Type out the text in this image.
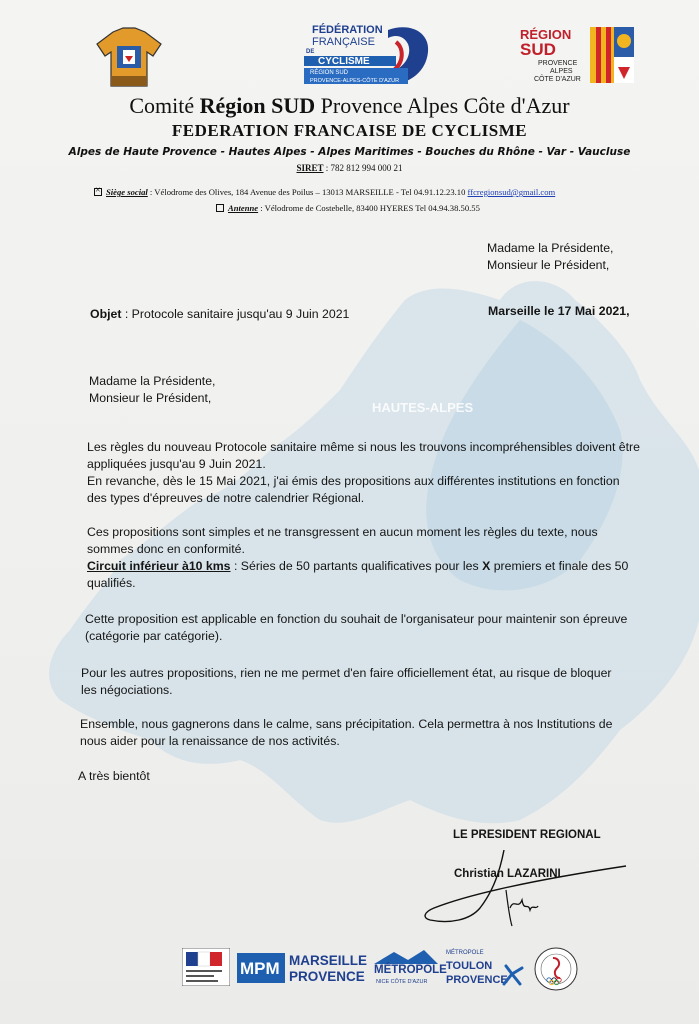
HAUTES-ALPES
FÉDÉRATION
FRANÇAISE
DE
CYCLISME
RÉGION SUD
PROVENCE-ALPES-CÔTE D'AZUR
RÉGION
SUD
PROVENCE
ALPES
CÔTE D'AZUR
Comité Région SUD Provence Alpes Côte d'Azur
FEDERATION FRANCAISE DE CYCLISME
Alpes de Haute Provence - Hautes Alpes - Alpes Maritimes - Bouches du Rhône - Var - Vaucluse
SIRET : 782 812 994 000 21
×Siège social : Vélodrome des Olives, 184 Avenue des Poilus – 13013 MARSEILLE - Tel 04.91.12.23.10 ffcregionsud@gmail.com
Antenne : Vélodrome de Costebelle, 83400 HYERES Tel 04.94.38.50.55
Madame la Présidente,
Monsieur le Président,
Objet : Protocole sanitaire jusqu'au 9 Juin 2021	Marseille le 17 Mai 2021,
Madame la Présidente,
Monsieur le Président,
Les règles du nouveau Protocole sanitaire même si nous les trouvons incompréhensibles doivent être
appliquées jusqu'au 9 Juin 2021.
En revanche, dès le 15 Mai 2021, j'ai émis des propositions aux différentes institutions en fonction
des types d'épreuves de notre calendrier Régional.
Ces propositions sont simples et ne transgressent en aucun moment les règles du texte, nous
sommes donc en conformité.
Circuit inférieur à10 kms : Séries de 50 partants qualificatives pour les X premiers et finale des 50
qualifiés.
Cette proposition est applicable en fonction du souhait de l'organisateur pour maintenir son épreuve
(catégorie par catégorie).
Pour les autres propositions, rien ne me permet d'en faire officiellement état, au risque de bloquer
les négociations.
Ensemble, nous gagnerons dans le calme, sans précipitation. Cela permettra à nos Institutions de
nous aider pour la renaissance de nos activités.
A très bientôt
LE PRESIDENT REGIONAL
Christian LAZARINI
MPM MARSEILLE
PROVENCE MÉTROPOLE
NICE CÔTE D'AZUR
MÉTROPOLE
TOULON
PROVENCE
